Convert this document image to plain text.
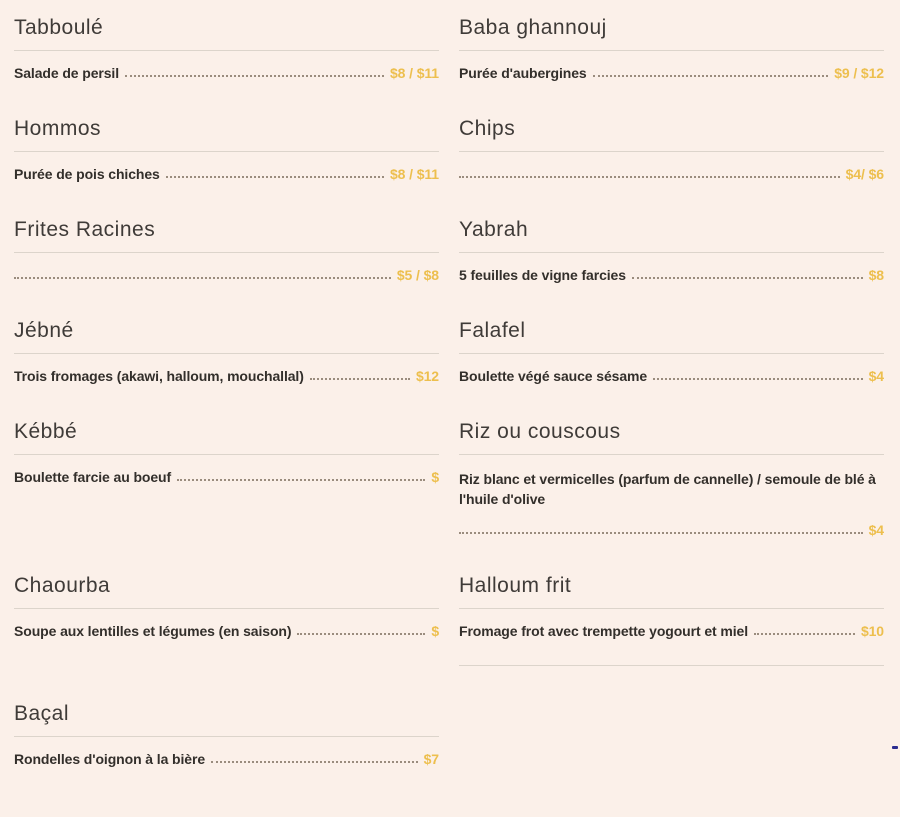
Tabboulé
Salade de persil	$8 / $11
Baba ghannouj
Purée d'aubergines	$9 / $12
Hommos
Purée de pois chiches	$8 / $11
Chips
$4/ $6
Frites Racines
$5 / $8
Yabrah
5 feuilles de vigne farcies	$8
Jébné
Trois fromages (akawi, halloum, mouchallal)	$12
Falafel
Boulette végé sauce sésame	$4
Kébbé
Boulette farcie au boeuf	$
Riz ou couscous

Riz blanc et vermicelles (parfum de cannelle) / semoule de blé à l'huile d'olive

$4
Chaourba
Soupe aux lentilles et légumes (en saison)	$
Halloum frit
Fromage frot avec trempette yogourt et miel	$10
Baçal
Rondelles d'oignon à la bière	$7
